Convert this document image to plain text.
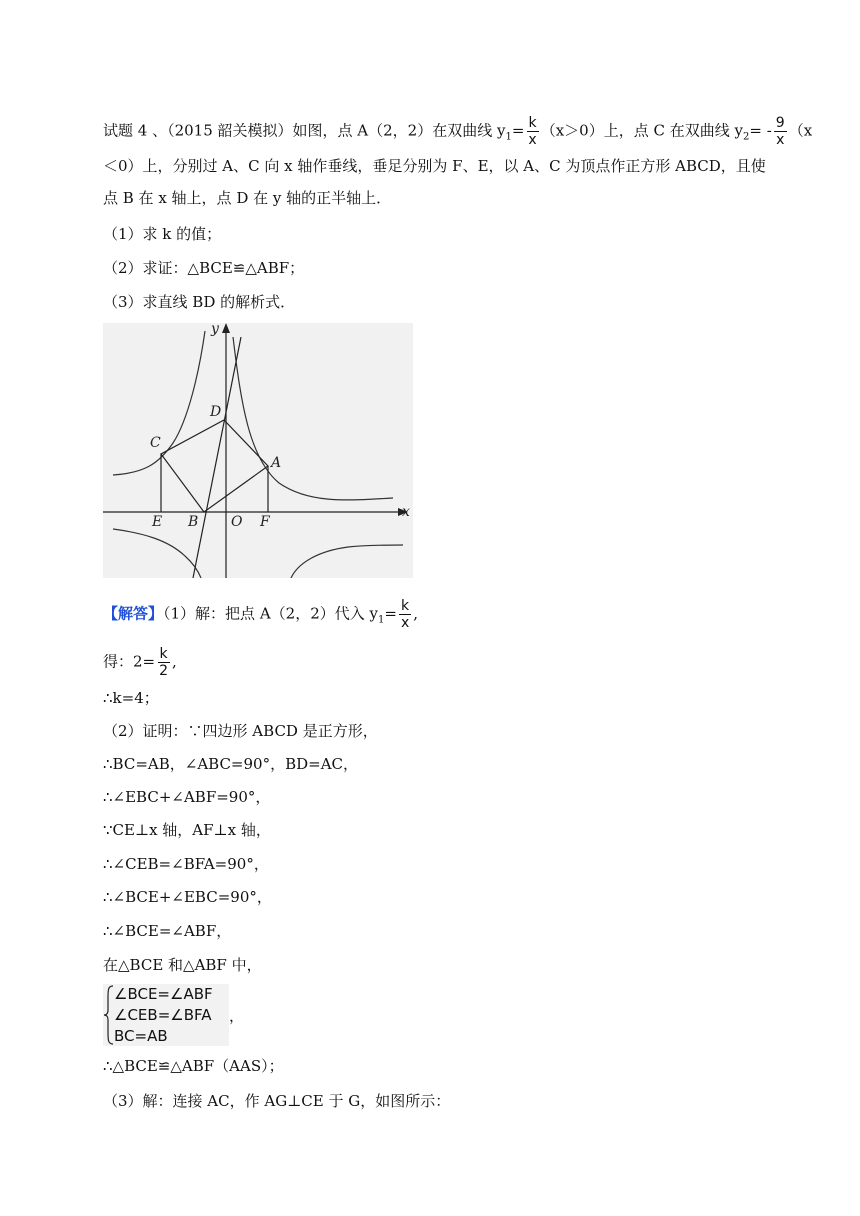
试题 4 、（2015 韶关模拟）如图，点 A（2，2）在双曲线 $y_1= \frac{k}{x} (x>0)$上，点 C 在双曲线 $y_2= - \frac{9}{x} (x$
＜0）上，分别过 A、C 向 x 轴作垂线，垂足分别为 F、E，以 A、C 为顶点作正方形 ABCD，且使
点 B 在 x 轴上，点 D 在 y 轴的正半轴上．
（1）求 k 的值；
（2）求证：△BCE≌△ABF；
（3）求直线 BD 的解析式．
y
x
D
C
A
E B O F
【解答】（1）解：把点 A（2，2）代入 $y_1= \frac{k}{x}$ ,
得：$2= \frac{k}{2}$ ,
∴k=4；
（2）证明：∵四边形 ABCD 是正方形，
∴BC=AB，∠ABC=90°，BD=AC，
∴∠EBC+∠ABF=90°，
∵CE⊥x 轴，AF⊥x 轴，
∴∠CEB=∠BFA=90°，
∴∠BCE+∠EBC=90°，
∴∠BCE=∠ABF，
在△BCE 和△ABF 中，
∠BCE=∠ABF
∠CEB=∠BFA
BC=AB
，
∴△BCE≌△ABF（AAS）；
（3）解：连接 AC，作 AG⊥CE 于 G，如图所示：
